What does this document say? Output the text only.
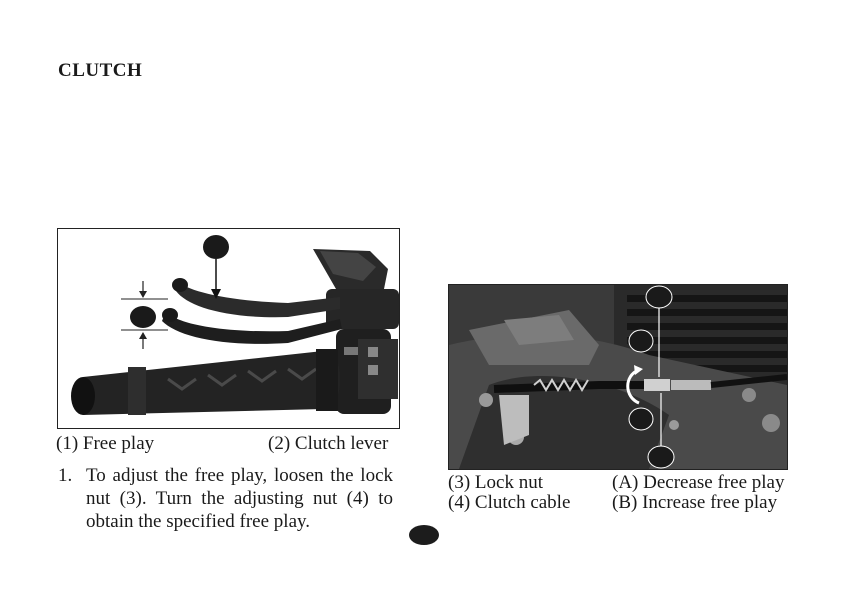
CLUTCH
(1) Free play	(2) Clutch lever
1. To adjust the free play, loosen the lock nut (3). Turn the adjusting nut (4) to obtain the specified free play.
(3) Lock nut	(A) Decrease free play
(4) Clutch cable (B) Increase free play
